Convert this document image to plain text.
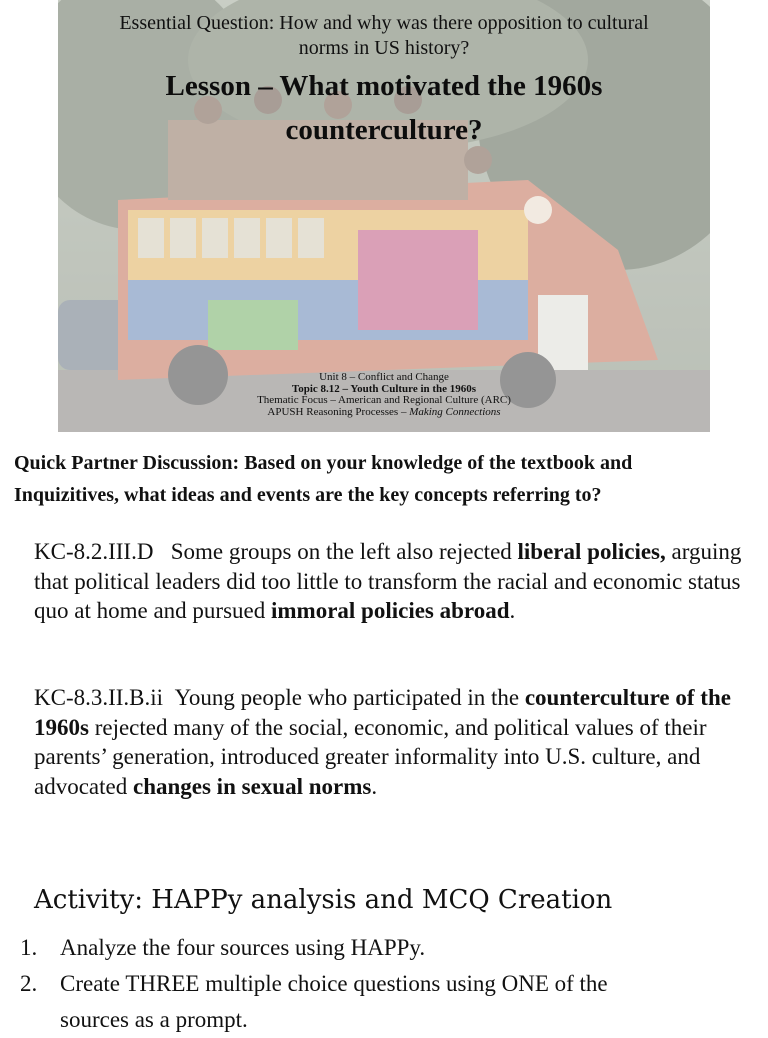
Essential Question: How and why was there opposition to cultural
norms in US history?
Lesson – What motivated the 1960s
counterculture?
Unit 8 – Conflict and Change
Topic 8.12 – Youth Culture in the 1960s
Thematic Focus – American and Regional Culture (ARC)
APUSH Reasoning Processes – Making Connections
Quick Partner Discussion: Based on your knowledge of the textbook and
Inquizitives, what ideas and events are the key concepts referring to?
KC-8.2.III.D Some groups on the left also rejected liberal policies, arguing that political leaders did too little to transform the racial and economic status quo at home and pursued immoral policies abroad.
KC-8.3.II.B.ii Young people who participated in the counterculture of the 1960s rejected many of the social, economic, and political values of their parents’ generation, introduced greater informality into U.S. culture, and advocated changes in sexual norms.
Activity: HAPPy analysis and MCQ Creation
1. Analyze the four sources using HAPPy.
2. Create THREE multiple choice questions using ONE of the
sources as a prompt.
